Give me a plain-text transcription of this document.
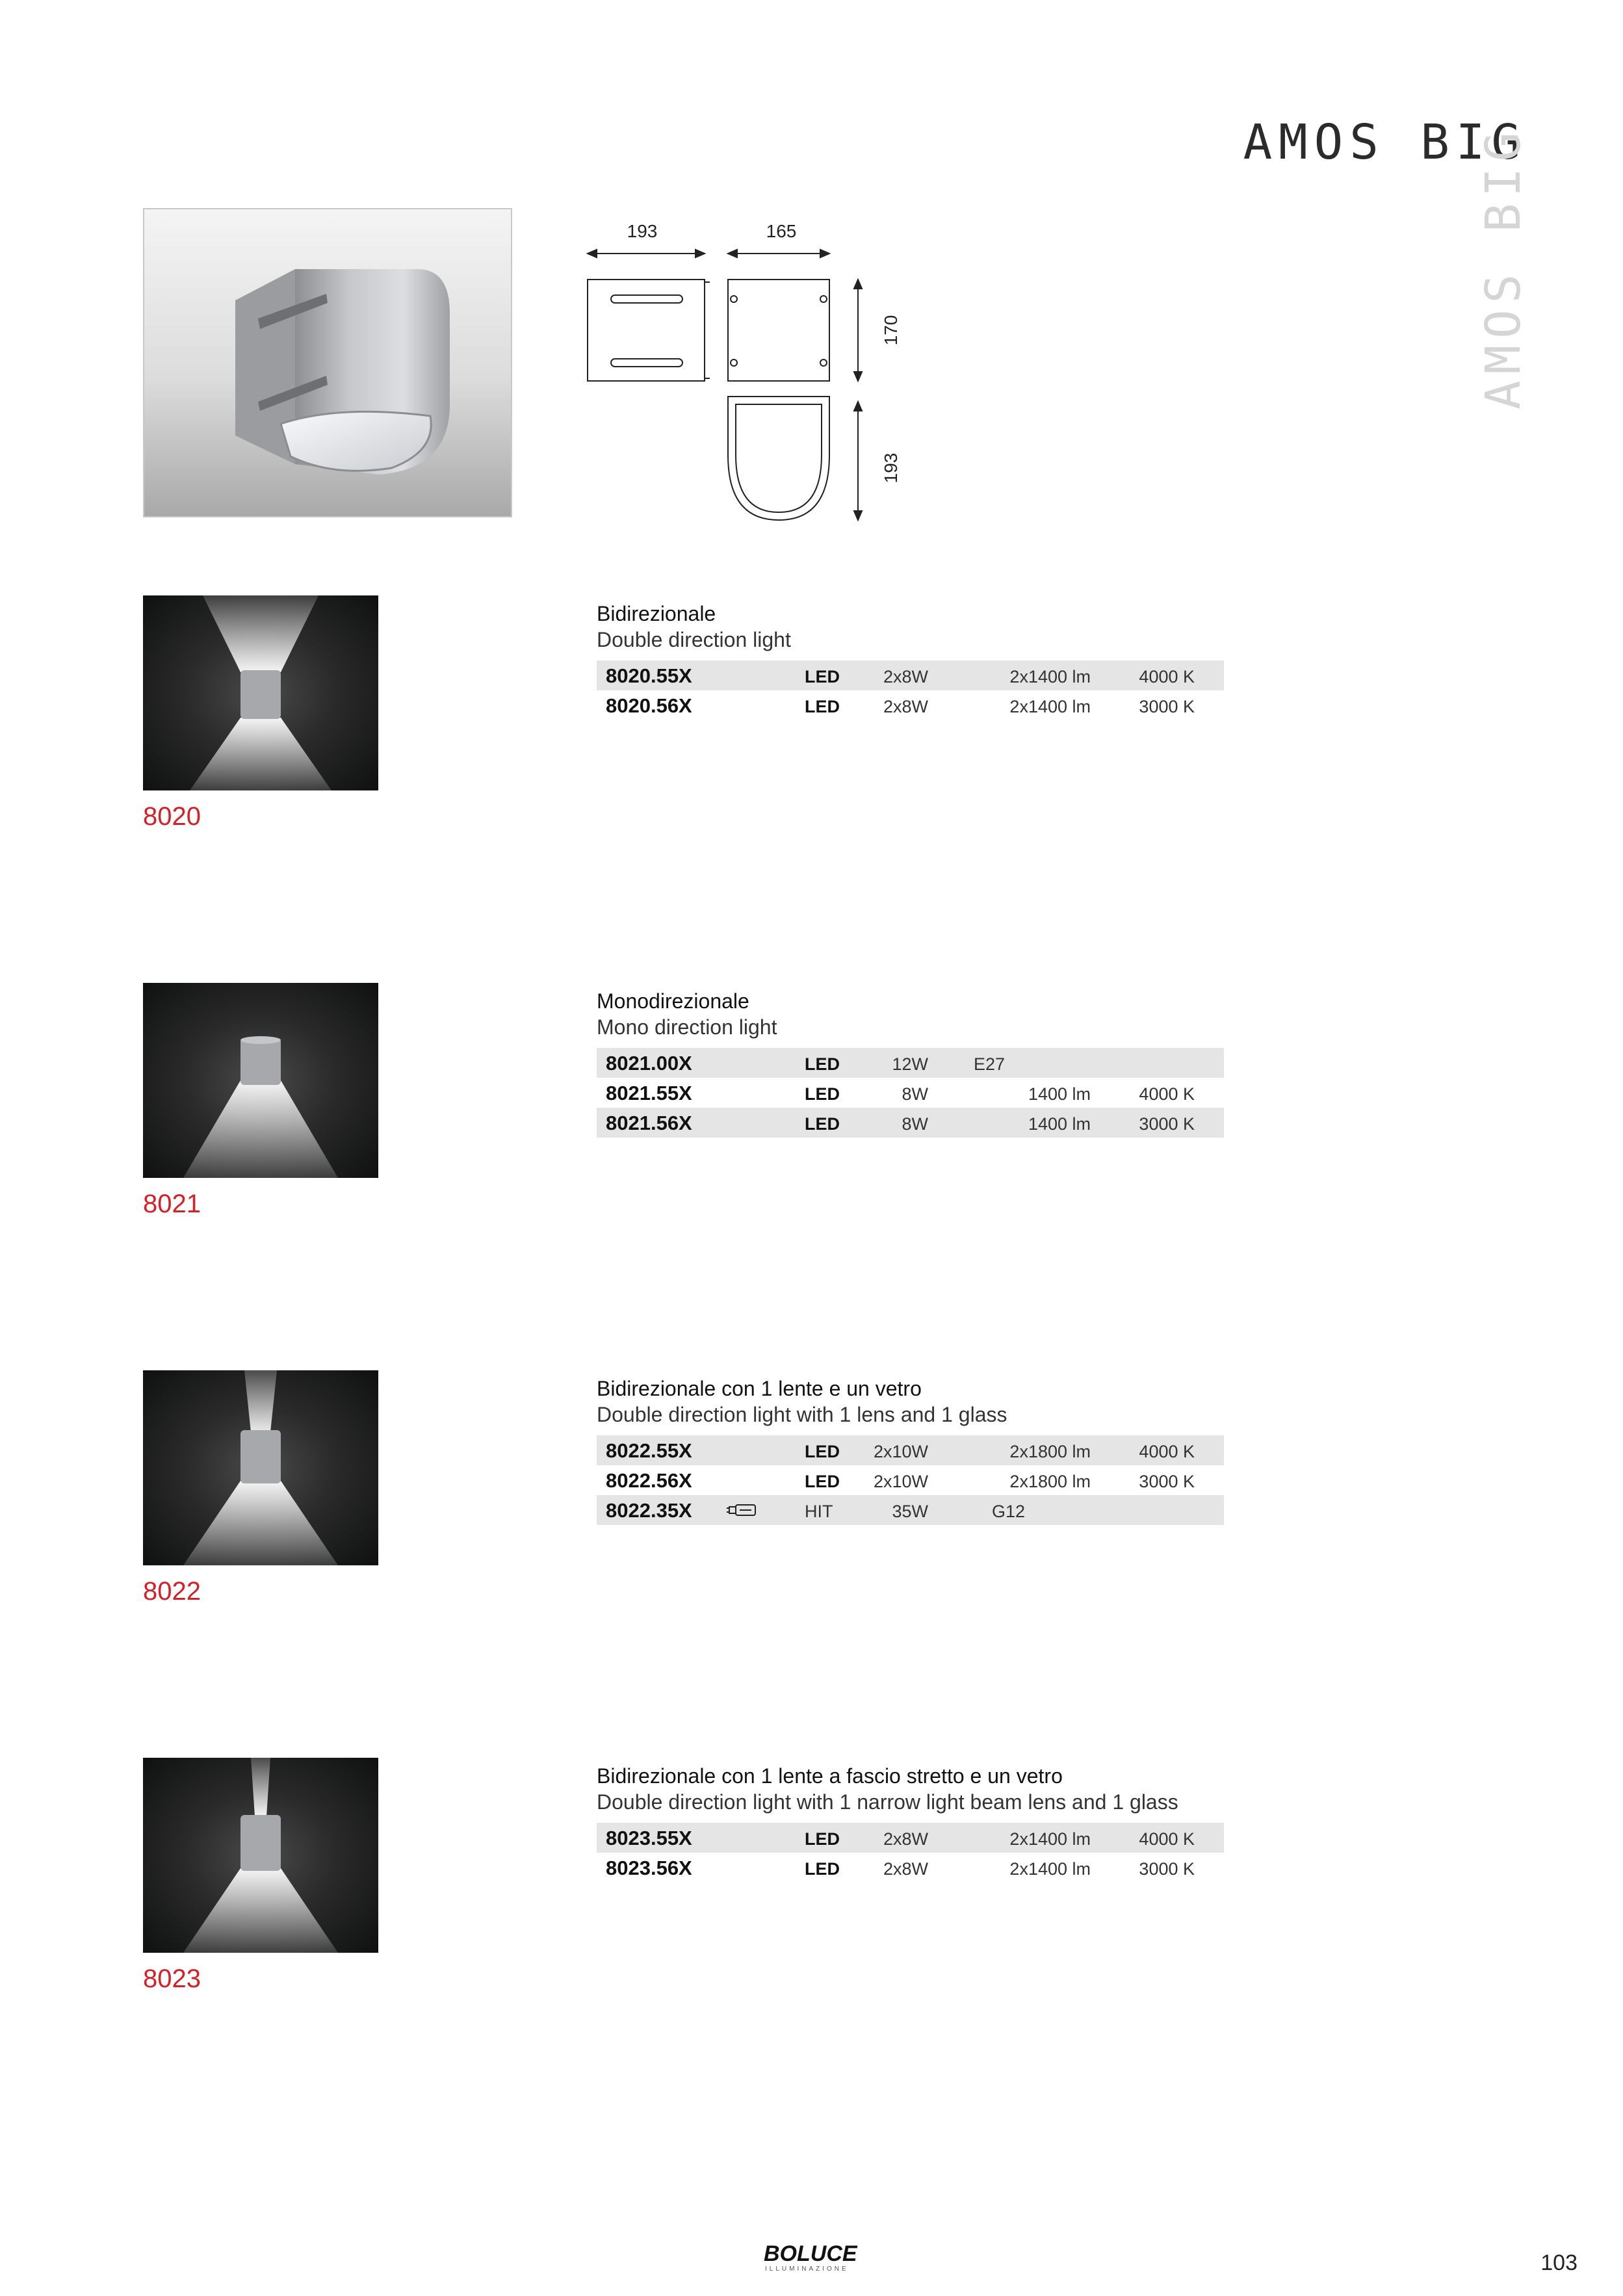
AMOS BIG
AMOS BIG
193	165
170
193
8020
Bidirezionale
Double direction light
8020.55X	LED	2x8W	2x1400 lm	4000 K
8020.56X	LED	2x8W	2x1400 lm	3000 K
8021
Monodirezionale
Mono direction light
8021.00X	LED	12W	E27
8021.55X	LED	8W	1400 lm	4000 K
8021.56X	LED	8W	1400 lm	3000 K
8022
Bidirezionale con 1 lente e un vetro
Double direction light with 1 lens and 1 glass
8022.55X	LED	2x10W	2x1800 lm	4000 K
8022.56X	LED	2x10W	2x1800 lm	3000 K
8022.35X	HIT	35W	G12
8023
Bidirezionale con 1 lente a fascio stretto e un vetro
Double direction light with 1 narrow light beam lens and 1 glass
8023.55X	LED	2x8W	2x1400 lm	4000 K
8023.56X	LED	2x8W	2x1400 lm	3000 K
BOLUCE
ILLUMINAZIONE	103
